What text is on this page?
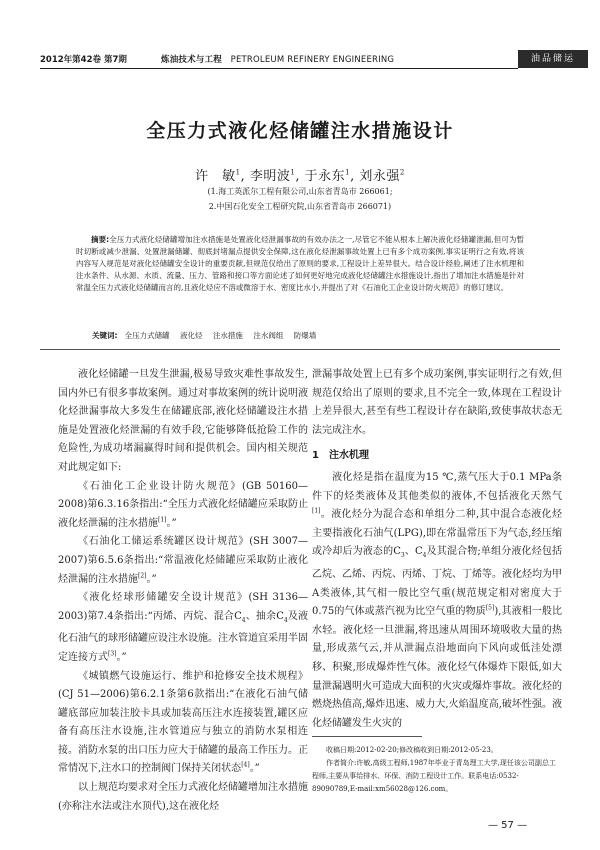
2012年第42卷 第7期	炼油技术与工程 PETROLEUM REFINERY ENGINEERING	油品储运
全压力式液化烃储罐注水措施设计
许　敏$^1$, 李明波$^1$, 于永东$^1$, 刘永强$^2$
(1.海工英派尔工程有限公司,山东省青岛市 266061;
2.中国石化安全工程研究院,山东省青岛市 266071)
摘要:全压力式液化烃储罐增加注水措施是处置液化烃泄漏事故的有效办法之一,尽管它不能从根本上解决液化烃储罐泄漏,但可为暂时切断或减少泄漏、处置泄漏储罐、彻底封堵漏点提供安全保障,这在液化烃泄漏事故处置上已有多个成功案例,事实证明行之有效,将该内容写入规范是对液化烃储罐安全设计的重要贡献,但规范仅给出了原则的要求,工程设计上差异很大。结合设计经验,阐述了注水机理和注水条件、从水源、水质、流量、压力、管路和接口等方面论述了如何更好地完成液化烃储罐注水措施设计,指出了增加注水措施是针对常温全压力式液化烃储罐而言的,且液化烃应不溶或微溶于水、密度比水小,并提出了对《石油化工企业设计防火规范》的修订建议。
关键词: 全压力式储罐 液化烃 注水措施 注水阀组 防爆墙

液化烃储罐一旦发生泄漏,极易导致灾难性事故发生,国内外已有很多事故案例。通过对事故案例的统计说明液化烃泄漏事故大多发生在储罐底部,液化烃储罐设注水措施是处置液化烃泄漏的有效手段,它能够降低抢险工作的危险性,为成功堵漏赢得时间和提供机会。国内相关规范对此规定如下:

《石油化工企业设计防火规范》(GB 50160—2008)第6.3.16条指出:“全压力式液化烃储罐应采取防止液化烃泄漏的注水措施[1]。”

《石油化工储运系统罐区设计规范》(SH 3007—2007)第6.5.6条指出:“常温液化烃储罐应采取防止液化烃泄漏的注水措施[2]。”

《液化烃球形储罐安全设计规范》(SH 3136—2003)第7.4条指出:“丙烯、丙烷、混合$C_4$、抽余$C_4$及液化石油气的球形储罐应设注水设施。注水管道宜采用半固定连接方式[3]。”

《城镇燃气设施运行、维护和抢修安全技术规程》(CJ 51—2006)第6.2.1条第6款指出:“在液化石油气储罐底部应加装注胶卡具或加装高压注水连接装置,罐区应备有高压注水设施,注水管道应与独立的消防水泵相连接。消防水泵的出口压力应大于储罐的最高工作压力。正常情况下,注水口的控制阀门保持关闭状态[4]。”

以上规范均要求对全压力式液化烃储罐增加注水措施(亦称注水法或注水顶代),这在液化烃

泄漏事故处置上已有多个成功案例,事实证明行之有效,但规范仅给出了原则的要求,且不完全一致,体现在工程设计上差异很大,甚至有些工程设计存在缺陷,致使事故状态无法完成注水。

1　注水机理

液化烃是指在温度为15 ℃,蒸气压大于0.1 MPa条件下的烃类液体及其他类似的液体,不包括液化天然气[1]。液化烃分为混合态和单组分二种,其中混合态液化烃主要指液化石油气(LPG),即在常温常压下为气态,经压缩或冷却后为液态的$C_3$、$C_4$及其混合物;单组分液化烃包括乙烷、乙烯、丙烷、丙烯、丁烷、丁烯等。液化烃均为甲A类液体,其气相一般比空气重(规范规定相对密度大于0.75的气体或蒸汽视为比空气重的物质[5]),其液相一般比水轻。液化烃一旦泄漏,将迅速从周围环境吸收大量的热量,形成蒸气云,并从泄漏点沿地面向下风向或低洼处漂移、积聚,形成爆炸性气体。液化烃气体爆炸下限低,如大量泄漏遇明火可造成大面积的火灾或爆炸事故。液化烃的燃烧热值高,爆炸迅速、威力大,火焰温度高,破坏性强。液化烃储罐发生火灾的

收稿日期:2012-02-20;修改稿收到日期:2012-05-23。

作者简介:许敏,高级工程师,1987年毕业于青岛理工大学,现任该公司副总工程师,主要从事给排水、环保、消防工程设计工作。联系电话:0532-89090789,E-mail:xm56028@126.com。

— 57 —
